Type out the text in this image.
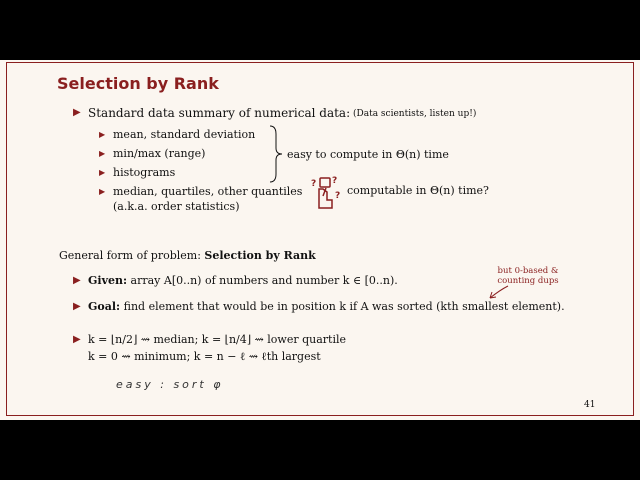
Selection by Rank
▶ Standard data summary of numerical data: (Data scientists, listen up!)
▶ mean, standard deviation
▶ min/max (range)
▶ histograms
▶ median, quartiles, other quantiles
(a.k.a. order statistics)
easy to compute in Θ(n) time
? ?
? computable in Θ(n) time?
General form of problem: Selection by Rank
▶ Given: array A[0..n) of numbers and number k ∈ [0..n).
but 0-based & counting dups
▶ Goal: find element that would be in position k if A was sorted (kth smallest element).
▶ k = ⌊n/2⌋ ⇝ median; k = ⌊n/4⌋ ⇝ lower quartile
k = 0 ⇝ minimum; k = n − ℓ ⇝ ℓth largest
easy : sort φ
41
